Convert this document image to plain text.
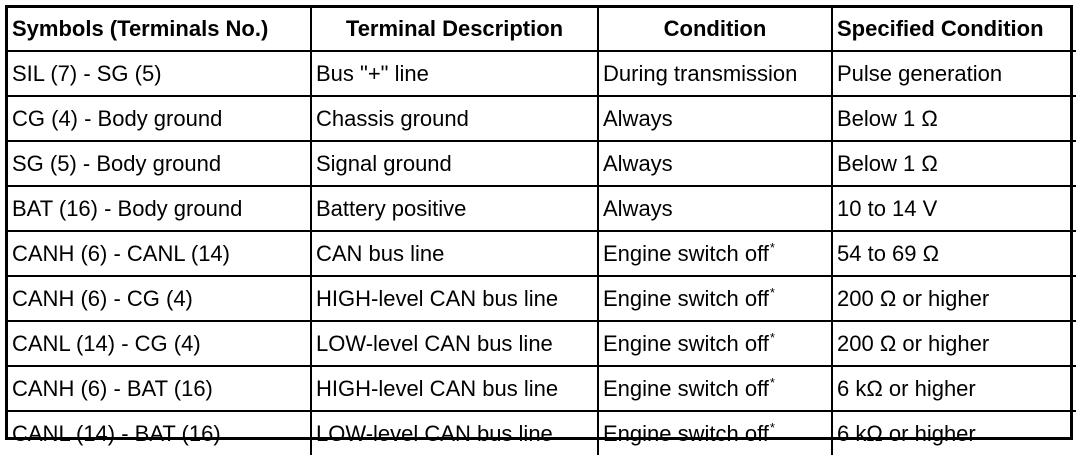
Symbols (Terminals No.)	Terminal Description	Condition	Specified Condition
SIL (7) - SG (5)	Bus "+" line	During transmission	Pulse generation
CG (4) - Body ground	Chassis ground	Always	Below 1 Ω
SG (5) - Body ground	Signal ground	Always	Below 1 Ω
BAT (16) - Body ground	Battery positive	Always	10 to 14 V
CANH (6) - CANL (14)	CAN bus line	Engine switch off*	54 to 69 Ω
CANH (6) - CG (4)	HIGH-level CAN bus line	Engine switch off*	200 Ω or higher
CANL (14) - CG (4)	LOW-level CAN bus line	Engine switch off*	200 Ω or higher
CANH (6) - BAT (16)	HIGH-level CAN bus line	Engine switch off*	6 kΩ or higher
CANL (14) - BAT (16)	LOW-level CAN bus line	Engine switch off*	6 kΩ or higher
